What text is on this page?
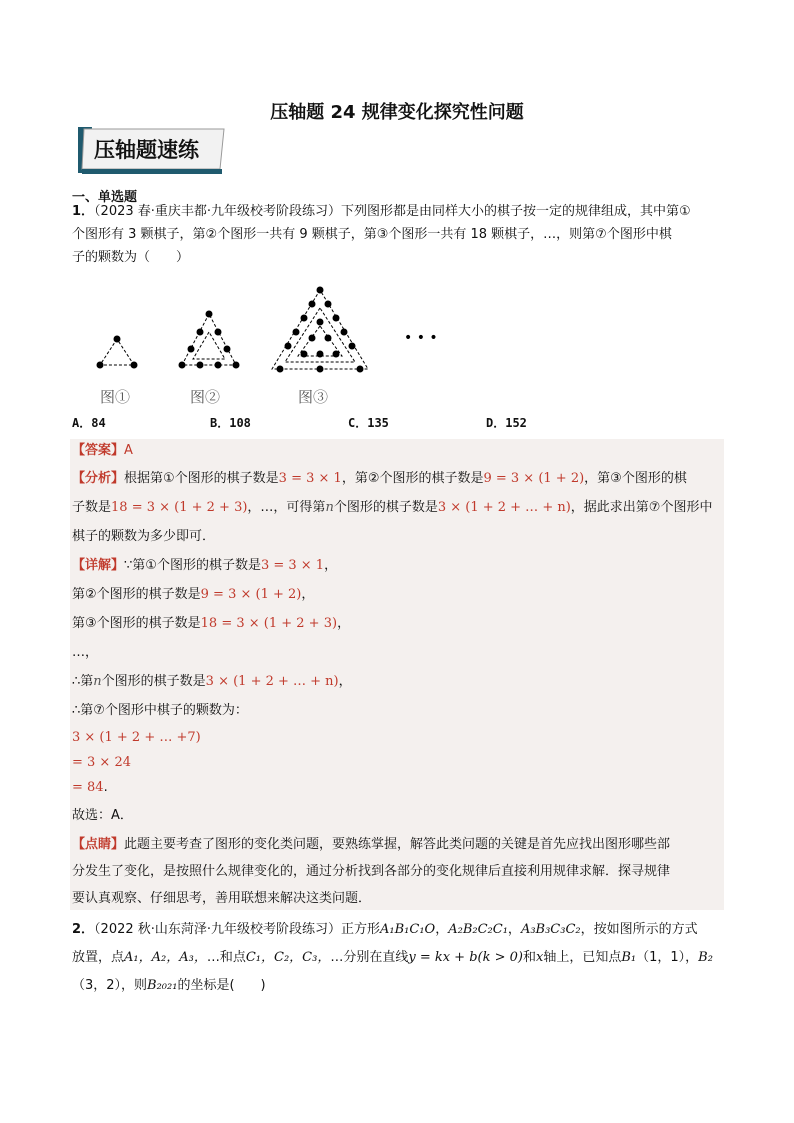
压轴题 24 规律变化探究性问题
压轴题速练
一、单选题
1．（2023 春·重庆丰都·九年级校考阶段练习）下列图形都是由同样大小的棋子按一定的规律组成，其中第①
个图形有 3 颗棋子，第②个图形一共有 9 颗棋子，第③个图形一共有 18 颗棋子，…，则第⑦个图形中棋
子的颗数为（　　）
• • •
图①	图②	图③
A．84	B．108	C．135	D．152
【答案】A
【分析】根据第①个图形的棋子数是3 = 3 × 1，第②个图形的棋子数是9 = 3 × (1 + 2)，第③个图形的棋
子数是18 = 3 × (1 + 2 + 3)，…，可得第n个图形的棋子数是3 × (1 + 2 + … + n)，据此求出第⑦个图形中
棋子的颗数为多少即可．
【详解】∵第①个图形的棋子数是3 = 3 × 1，
第②个图形的棋子数是9 = 3 × (1 + 2)，
第③个图形的棋子数是18 = 3 × (1 + 2 + 3)，
…，
∴第n个图形的棋子数是3 × (1 + 2 + … + n)，
∴第⑦个图形中棋子的颗数为：
3 × (1 + 2 + … +7)
= 3 × 24
= 84.
故选：A．
【点睛】此题主要考查了图形的变化类问题，要熟练掌握，解答此类问题的关键是首先应找出图形哪些部
分发生了变化，是按照什么规律变化的，通过分析找到各部分的变化规律后直接利用规律求解．探寻规律
要认真观察、仔细思考，善用联想来解决这类问题．
2．（2022 秋·山东菏泽·九年级校考阶段练习）正方形A₁B₁C₁O，A₂B₂C₂C₁，A₃B₃C₃C₂，按如图所示的方式
放置，点A₁，A₂，A₃，…和点C₁，C₂，C₃，…分别在直线y = kx + b(k > 0)和x轴上，已知点B₁（1，1），B₂
（3，2），则B₂₀₂₁的坐标是(　　)
